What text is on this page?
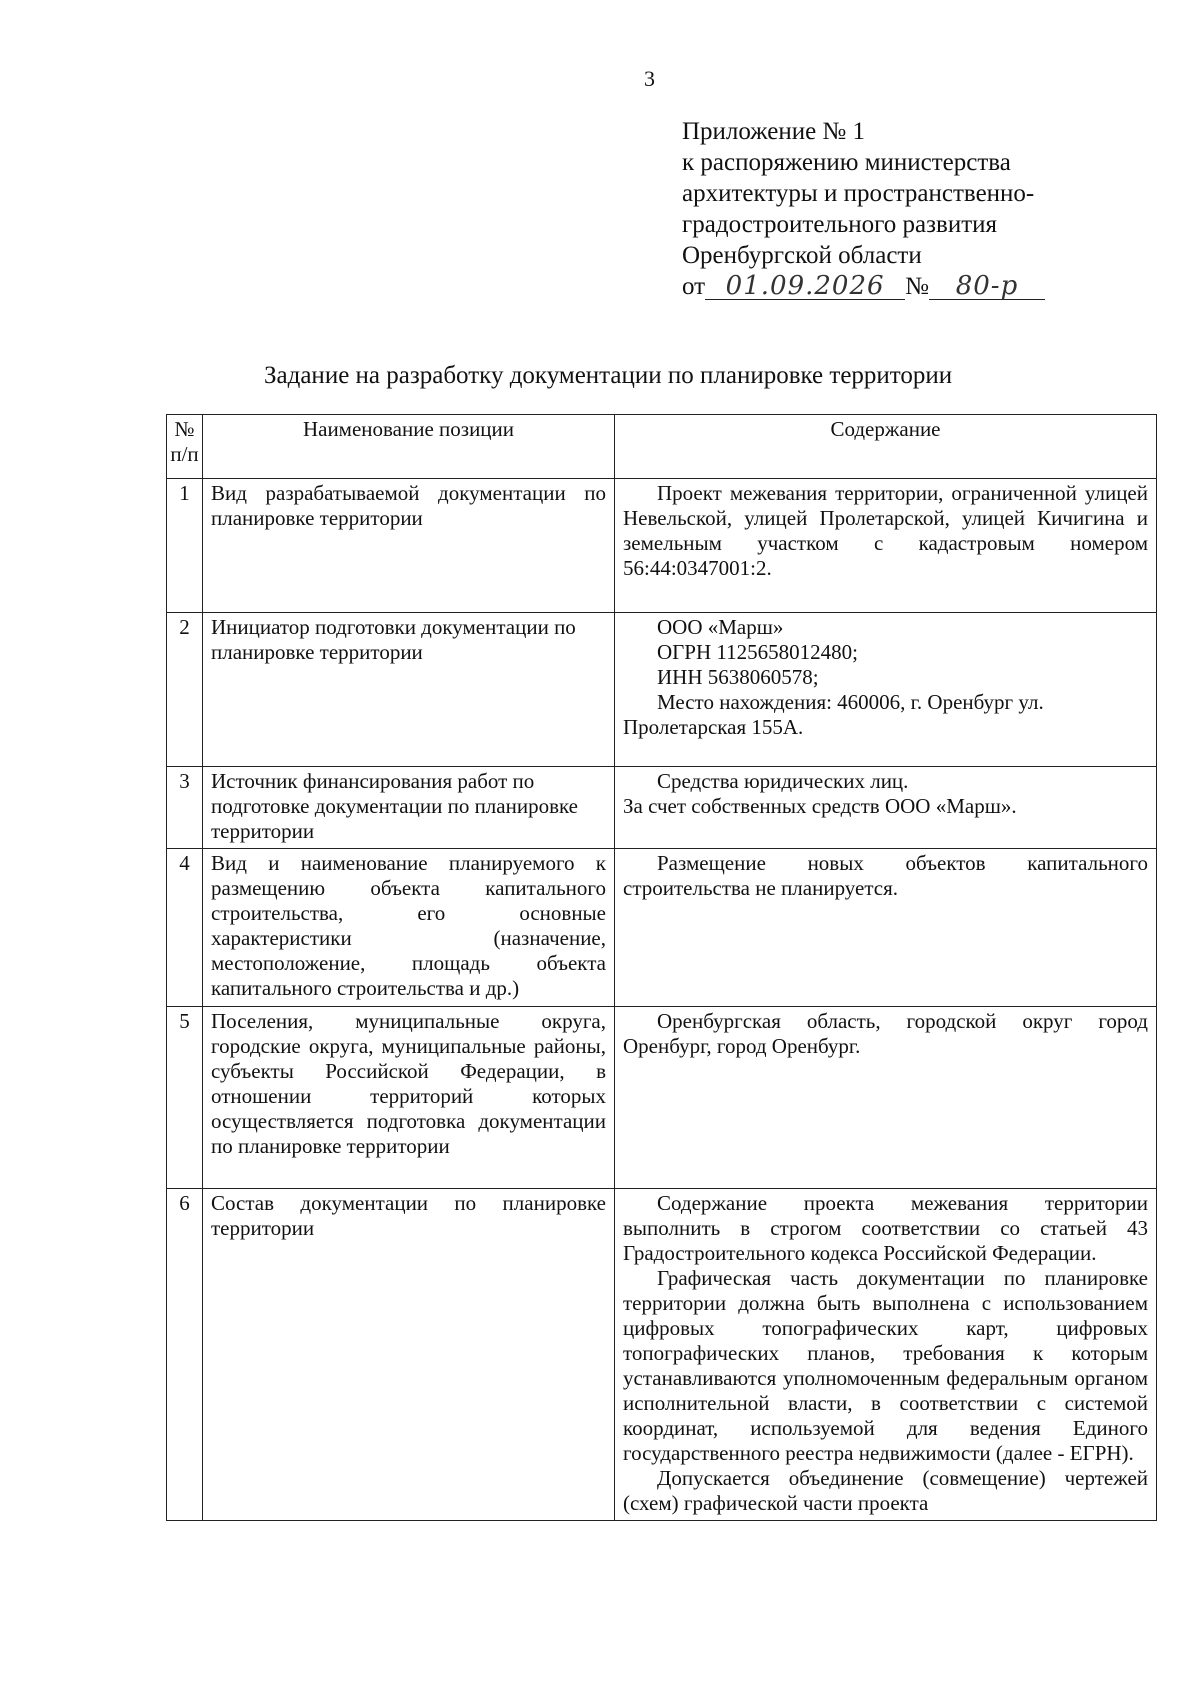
3
Приложение № 1
к распоряжению министерства
архитектуры и пространственно-
градостроительного развития
Оренбургской области
от 01.09.2026 № 80-р
Задание на разработку документации по планировке территории
№ п/п	Наименование позиции	Содержание
1	Вид разрабатываемой документации по планировке территории	Проект межевания территории, ограниченной улицей Невельской, улицей Пролетарской, улицей Кичигина и земельным участком с кадастровым номером 56:44:0347001:2.

2	Инициатор подготовки документации по планировке территории	ООО «Марш»

ОГРН 1125658012480;

ИНН 5638060578;

Место нахождения: 460006, г. Оренбург ул. Пролетарская 155А.

3	Источник финансирования работ по подготовке документации по планировке территории	Средства юридических лиц.

За счет собственных средств ООО «Марш».

4	Вид и наименование планируемого к размещению объекта капитального строительства, его основные характеристики (назначение, местоположение, площадь объекта капитального строительства и др.)	Размещение новых объектов капитального строительства не планируется.

5	Поселения, муниципальные округа, городские округа, муниципальные районы, субъекты Российской Федерации, в отношении территорий которых осуществляется подготовка документации по планировке территории	Оренбургская область, городской округ город Оренбург, город Оренбург.

6	Состав документации по планировке территории	Содержание проекта межевания территории выполнить в строгом соответствии со статьей 43 Градостроительного кодекса Российской Федерации.

Графическая часть документации по планировке территории должна быть выполнена с использованием цифровых топографических карт, цифровых топографических планов, требования к которым устанавливаются уполномоченным федеральным органом исполнительной власти, в соответствии с системой координат, используемой для ведения Единого государственного реестра недвижимости (далее - ЕГРН).

Допускается объединение (совмещение) чертежей (схем) графической части проекта
